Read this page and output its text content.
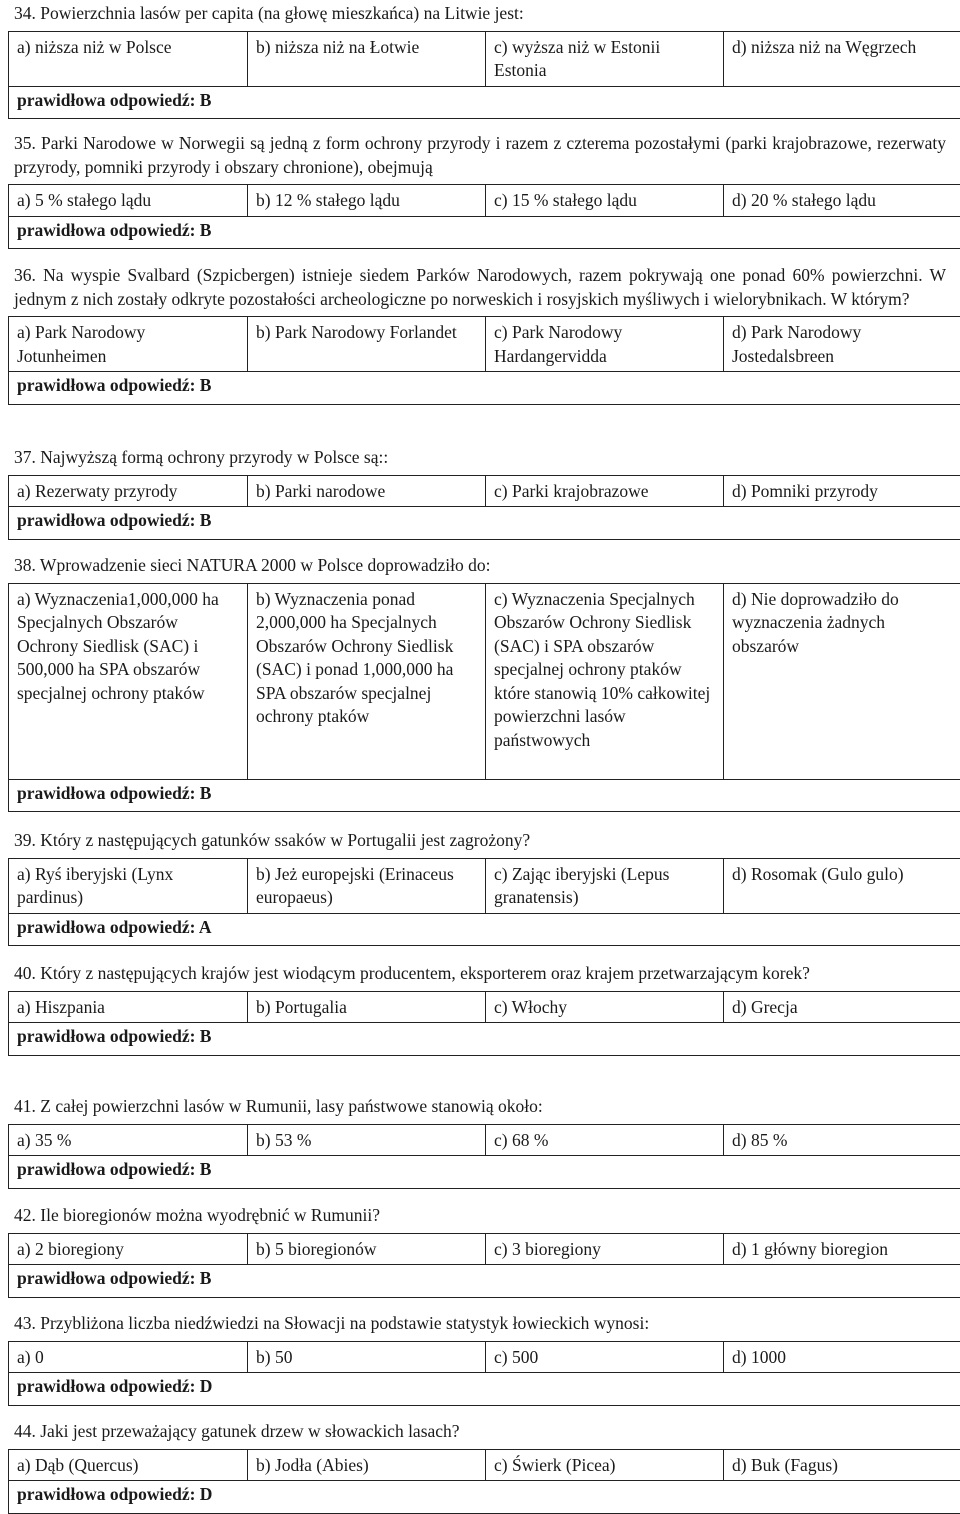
34. Powierzchnia lasów per capita (na głowę mieszkańca) na Litwie jest:
a) niższa niż w Polsce	b) niższa niż na Łotwie	c) wyższa niż w Estonii Estonia	d) niższa niż na Węgrzech
prawidłowa odpowiedź: B
35. Parki Narodowe w Norwegii są jedną z form ochrony przyrody i razem z czterema pozostałymi (parki krajobrazowe, rezerwaty przyrody, pomniki przyrody i obszary chronione), obejmują
a) 5 % stałego lądu	b) 12 % stałego lądu	c) 15 % stałego lądu	d) 20 % stałego lądu
prawidłowa odpowiedź: B
36. Na wyspie Svalbard (Szpicbergen) istnieje siedem Parków Narodowych, razem pokrywają one ponad 60% powierzchni. W jednym z nich zostały odkryte pozostałości archeologiczne po norweskich i rosyjskich myśliwych i wielorybnikach. W którym?
a) Park Narodowy Jotunheimen	b) Park Narodowy Forlandet	c) Park Narodowy Hardangervidda	d) Park Narodowy Jostedalsbreen
prawidłowa odpowiedź: B
37. Najwyższą formą ochrony przyrody w Polsce są::
a) Rezerwaty przyrody	b) Parki narodowe	c) Parki krajobrazowe	d) Pomniki przyrody
prawidłowa odpowiedź: B
38. Wprowadzenie sieci NATURA 2000 w Polsce doprowadziło do:
a) Wyznaczenia1,000,000 ha Specjalnych Obszarów Ochrony Siedlisk (SAC) i 500,000 ha SPA obszarów specjalnej ochrony ptaków	b) Wyznaczenia ponad 2,000,000 ha Specjalnych Obszarów Ochrony Siedlisk (SAC) i ponad 1,000,000 ha SPA obszarów specjalnej ochrony ptaków	c) Wyznaczenia Specjalnych Obszarów Ochrony Siedlisk (SAC) i SPA obszarów specjalnej ochrony ptaków które stanowią 10% całkowitej powierzchni lasów państwowych	d) Nie doprowadziło do wyznaczenia żadnych obszarów
prawidłowa odpowiedź: B
39. Który z następujących gatunków ssaków w Portugalii jest zagrożony?
a) Ryś iberyjski (Lynx pardinus)	b) Jeż europejski (Erinaceus europaeus)	c) Zając iberyjski (Lepus granatensis)	d) Rosomak (Gulo gulo)
prawidłowa odpowiedź: A
40. Który z następujących krajów jest wiodącym producentem, eksporterem oraz krajem przetwarzającym korek?
a) Hiszpania	b) Portugalia	c) Włochy	d) Grecja
prawidłowa odpowiedź: B
41. Z całej powierzchni lasów w Rumunii, lasy państwowe stanowią około:
a) 35 %	b) 53 %	c) 68 %	d) 85 %
prawidłowa odpowiedź: B
42. Ile bioregionów można wyodrębnić w Rumunii?
a) 2 bioregiony	b) 5 bioregionów	c) 3 bioregiony	d) 1 główny bioregion
prawidłowa odpowiedź: B
43. Przybliżona liczba niedźwiedzi na Słowacji na podstawie statystyk łowieckich wynosi:
a) 0	b) 50	c) 500	d) 1000
prawidłowa odpowiedź: D
44. Jaki jest przeważający gatunek drzew w słowackich lasach?
a) Dąb (Quercus)	b) Jodła (Abies)	c) Świerk (Picea)	d) Buk (Fagus)
prawidłowa odpowiedź: D
